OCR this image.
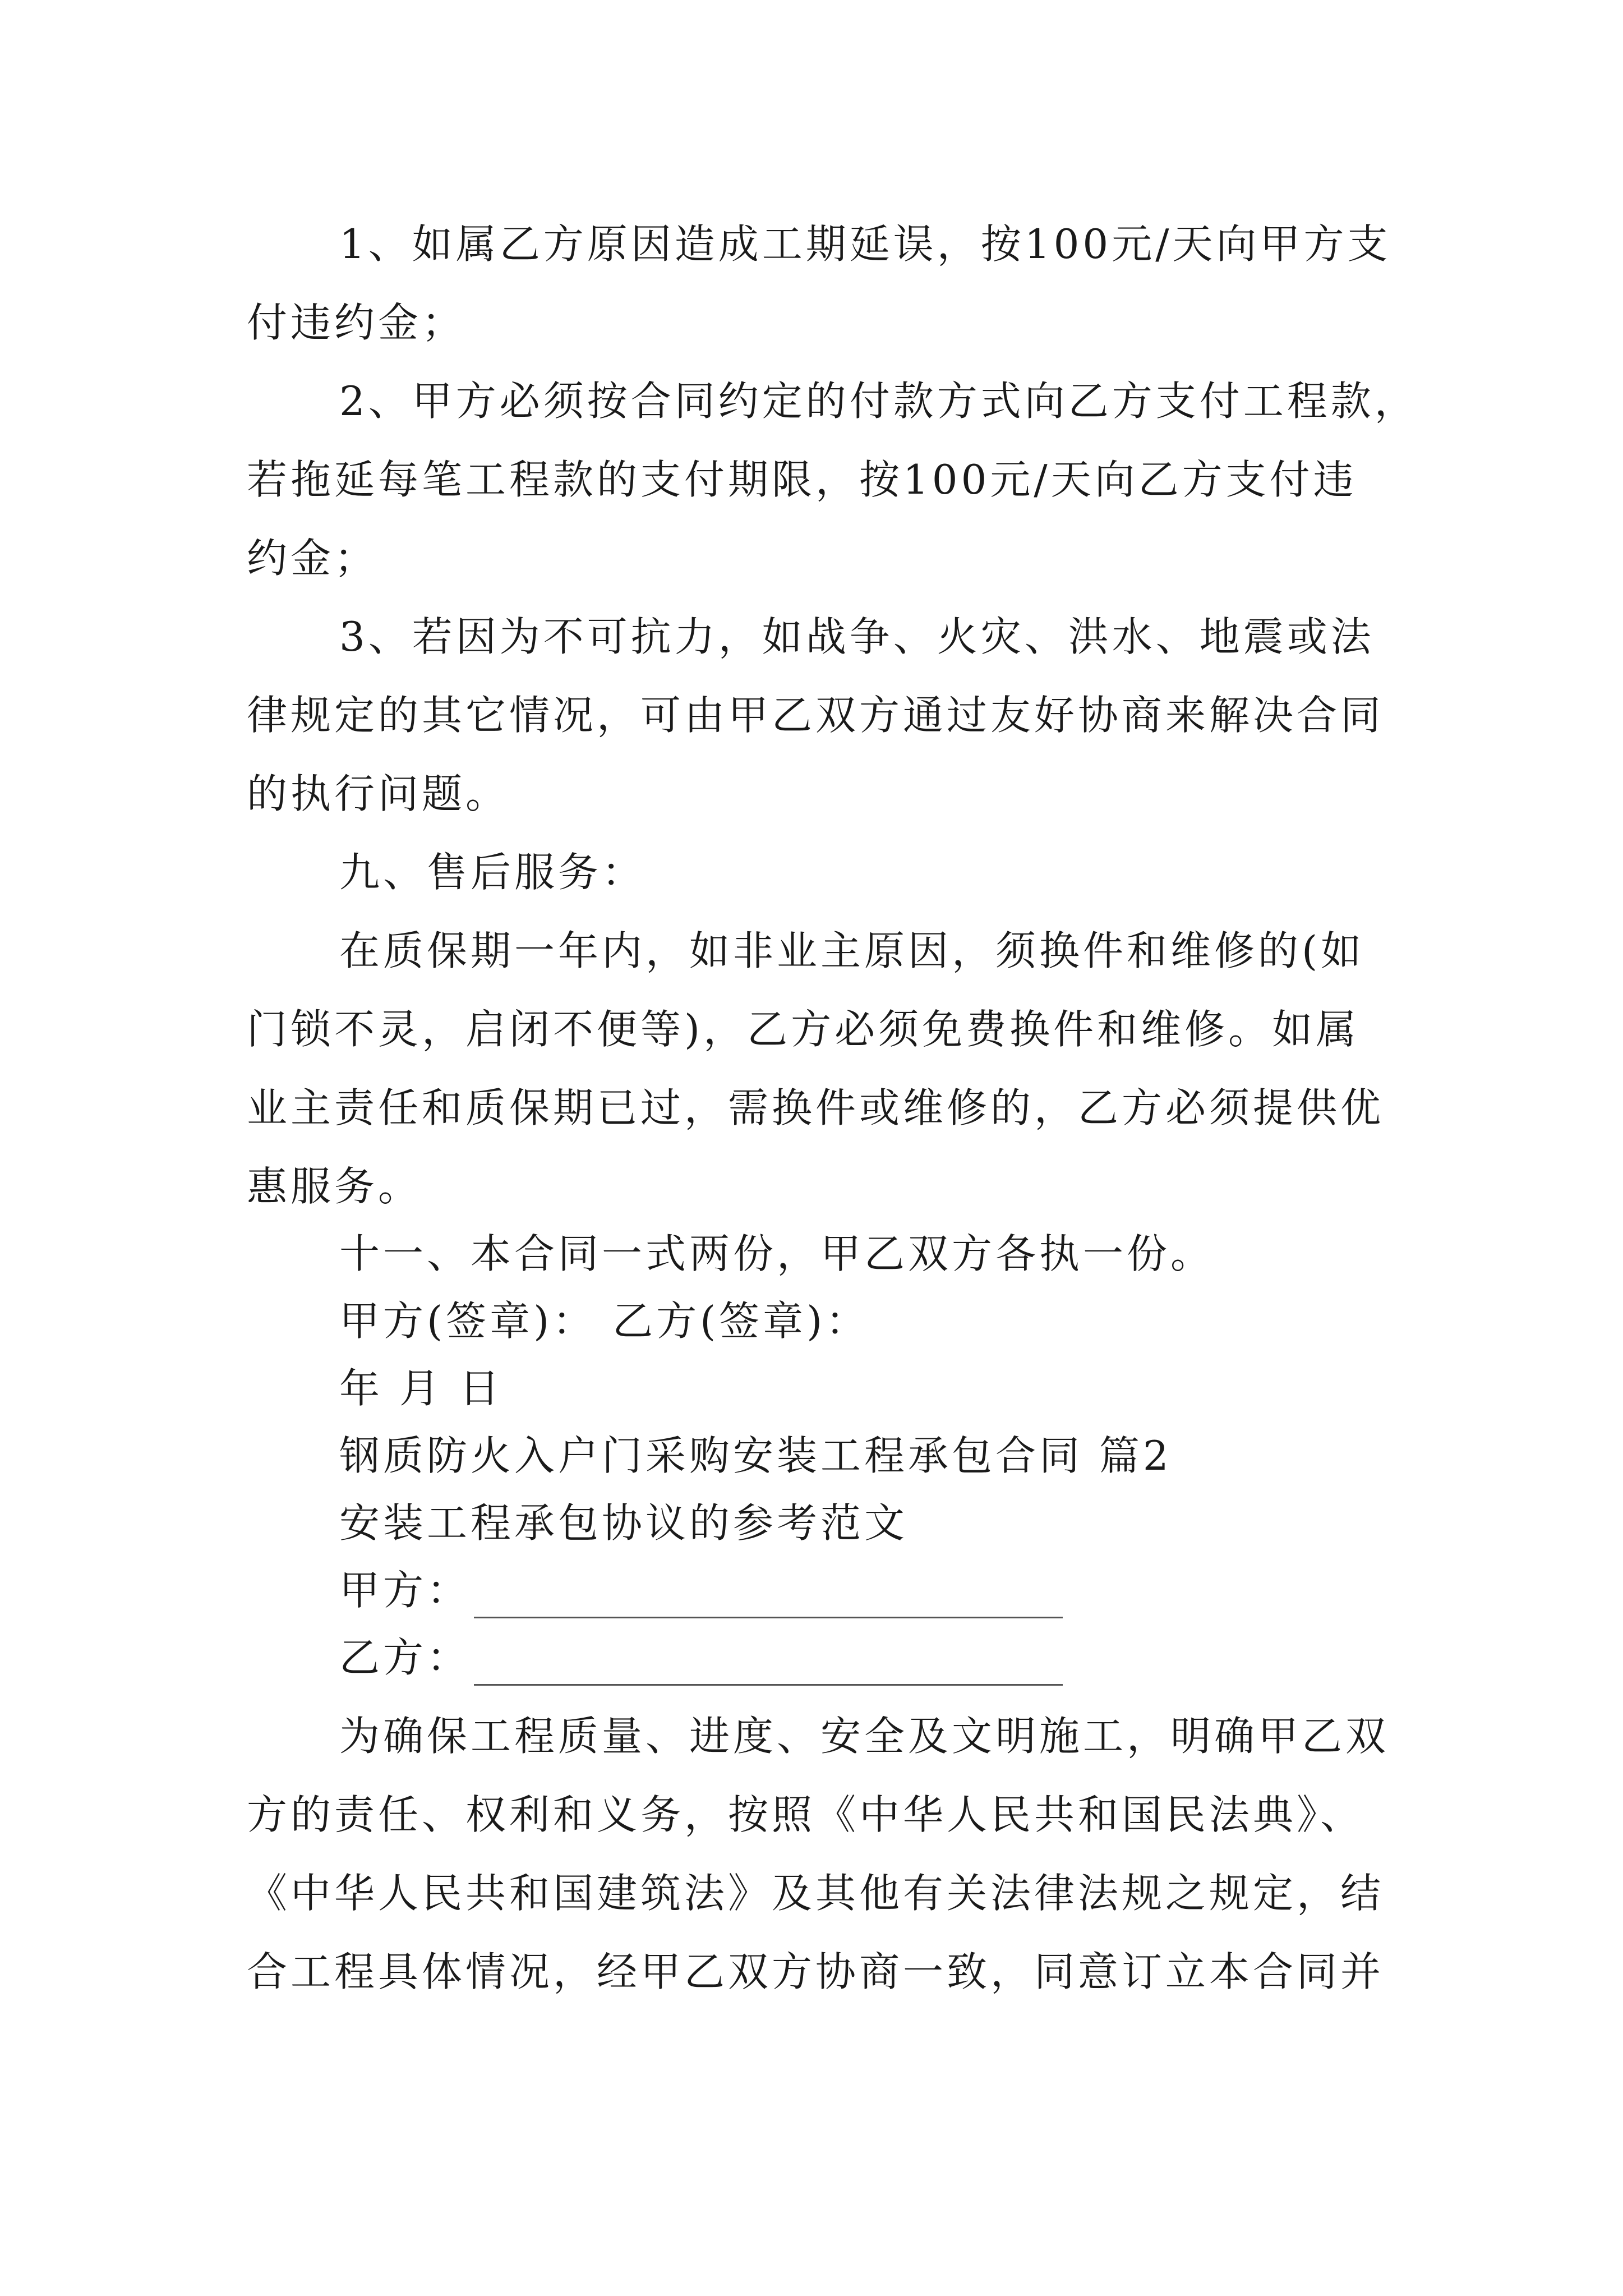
1、如属乙方原因造成工期延误，按100元/天向甲方支
付违约金；
2、甲方必须按合同约定的付款方式向乙方支付工程款，
若拖延每笔工程款的支付期限，按100元/天向乙方支付违
约金；
3、若因为不可抗力，如战争、火灾、洪水、地震或法
律规定的其它情况，可由甲乙双方通过友好协商来解决合同
的执行问题。
九、售后服务：
在质保期一年内，如非业主原因，须换件和维修的(如
门锁不灵，启闭不便等)，乙方必须免费换件和维修。如属
业主责任和质保期已过，需换件或维修的，乙方必须提供优
惠服务。
十一、本合同一式两份，甲乙双方各执一份。
甲方(签章)： 乙方(签章)：
年 月 日
钢质防火入户门采购安装工程承包合同 篇2
安装工程承包协议的参考范文
甲方：
乙方：
为确保工程质量、进度、安全及文明施工，明确甲乙双
方的责任、权利和义务，按照《中华人民共和国民法典》、
《中华人民共和国建筑法》及其他有关法律法规之规定，结
合工程具体情况，经甲乙双方协商一致，同意订立本合同并
